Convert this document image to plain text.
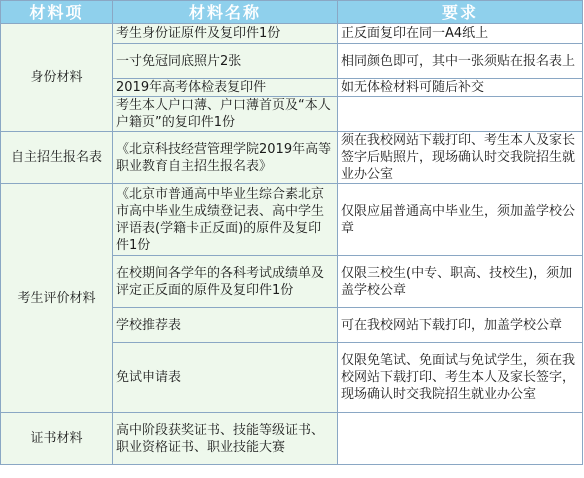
材料项	材料名称	要求
身份材料	考生身份证原件及复印件1份	正反面复印在同一A4纸上
	一寸免冠同底照片2张	相同颜色即可，其中一张须贴在报名表上
	2019年高考体检表复印件	如无体检材料可随后补交
	考生本人户口薄、户口薄首页及“本人户籍页”的复印件1份	
自主招生报名表	《北京科技经营管理学院2019年高等职业教育自主招生报名表》	须在我校网站下载打印、考生本人及家长签字后贴照片，现场确认时交我院招生就业办公室
考生评价材料	《北京市普通高中毕业生综合素北京市高中毕业生成绩登记表、高中学生评语表(学籍卡正反面)的原件及复印件1份	仅限应届普通高中毕业生，须加盖学校公章
	在校期间各学年的各科考试成绩单及评定正反面的原件及复印件1份	仅限三校生(中专、职高、技校生)，须加盖学校公章
	学校推荐表	可在我校网站下载打印，加盖学校公章
	免试申请表	仅限免笔试、免面试与免试学生，须在我校网站下载打印、考生本人及家长签字，现场确认时交我院招生就业办公室
证书材料	高中阶段获奖证书、技能等级证书、职业资格证书、职业技能大赛	
